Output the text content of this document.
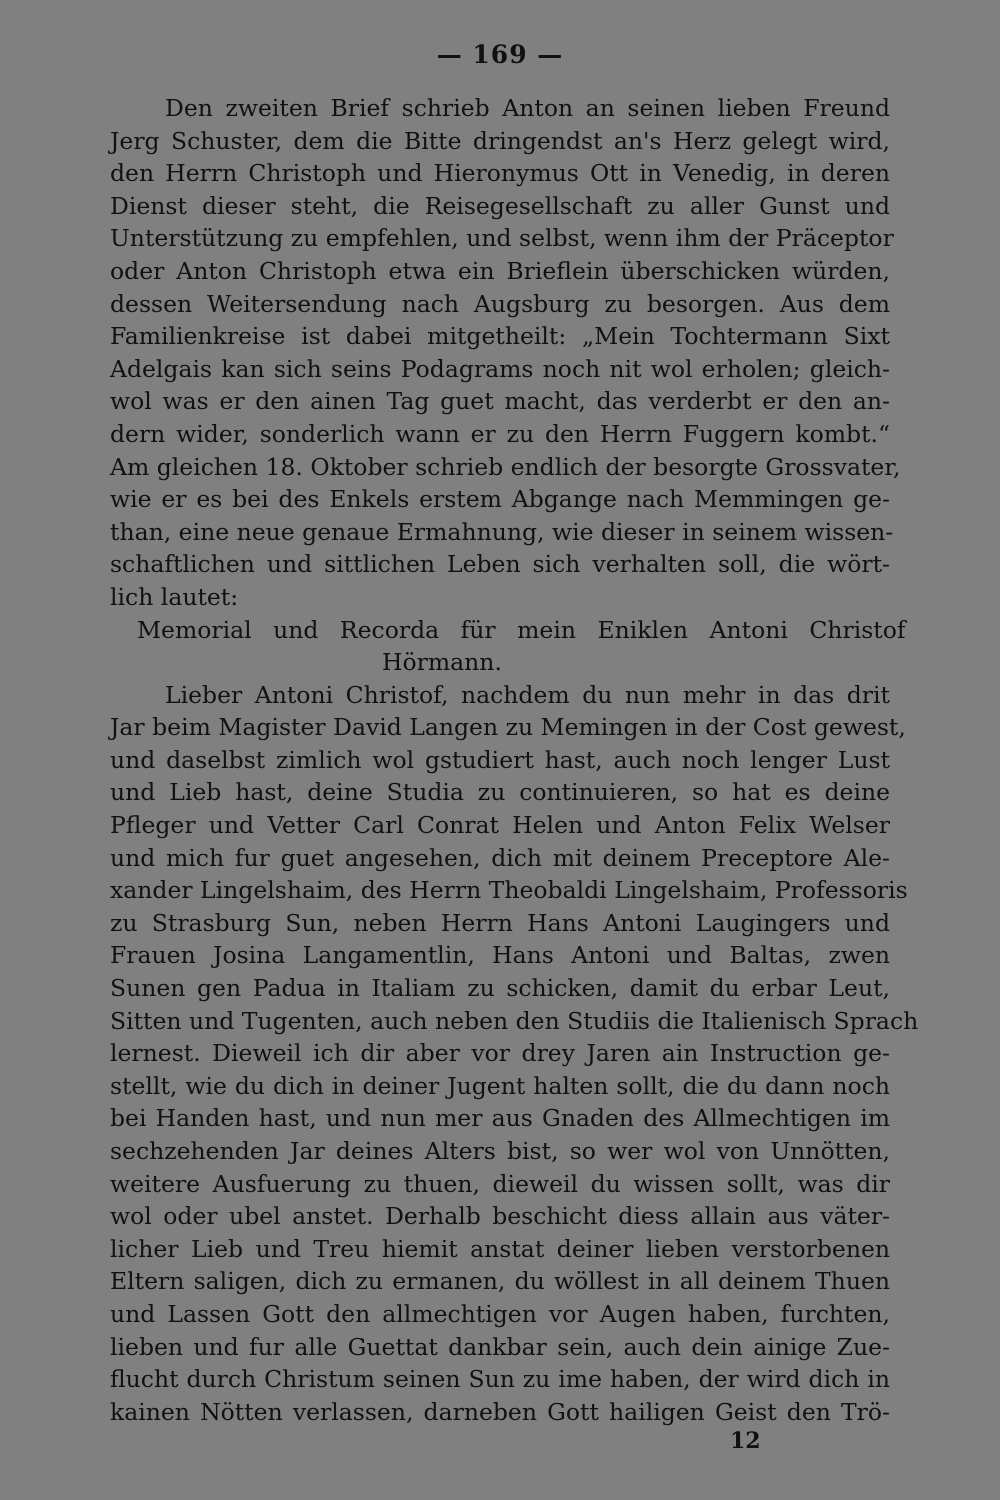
— 169 —
Den zweiten Brief schrieb Anton an seinen lieben Freund
Jerg Schuster, dem die Bitte dringendst an's Herz gelegt wird,
den Herrn Christoph und Hieronymus Ott in Venedig, in deren
Dienst dieser steht, die Reisegesellschaft zu aller Gunst und
Unterstützung zu empfehlen, und selbst, wenn ihm der Präceptor
oder Anton Christoph etwa ein Brieflein überschicken würden,
dessen Weitersendung nach Augsburg zu besorgen. Aus dem
Familienkreise ist dabei mitgetheilt: „Mein Tochtermann Sixt
Adelgais kan sich seins Podagrams noch nit wol erholen; gleich-
wol was er den ainen Tag guet macht, das verderbt er den an-
dern wider, sonderlich wann er zu den Herrn Fuggern kombt.“
Am gleichen 18. Oktober schrieb endlich der besorgte Grossvater,
wie er es bei des Enkels erstem Abgange nach Memmingen ge-
than, eine neue genaue Ermahnung, wie dieser in seinem wissen-
schaftlichen und sittlichen Leben sich verhalten soll, die wört-
lich lautet:
Memorial und Recorda für mein Eniklen Antoni Christof
Hörmann.
Lieber Antoni Christof, nachdem du nun mehr in das drit
Jar beim Magister David Langen zu Memingen in der Cost gewest,
und daselbst zimlich wol gstudiert hast, auch noch lenger Lust
und Lieb hast, deine Studia zu continuieren, so hat es deine
Pfleger und Vetter Carl Conrat Helen und Anton Felix Welser
und mich fur guet angesehen, dich mit deinem Preceptore Ale-
xander Lingelshaim, des Herrn Theobaldi Lingelshaim, Professoris
zu Strasburg Sun, neben Herrn Hans Antoni Laugingers und
Frauen Josina Langamentlin, Hans Antoni und Baltas, zwen
Sunen gen Padua in Italiam zu schicken, damit du erbar Leut,
Sitten und Tugenten, auch neben den Studiis die Italienisch Sprach
lernest. Dieweil ich dir aber vor drey Jaren ain Instruction ge-
stellt, wie du dich in deiner Jugent halten sollt, die du dann noch
bei Handen hast, und nun mer aus Gnaden des Allmechtigen im
sechzehenden Jar deines Alters bist, so wer wol von Unnötten,
weitere Ausfuerung zu thuen, dieweil du wissen sollt, was dir
wol oder ubel anstet. Derhalb beschicht diess allain aus väter-
licher Lieb und Treu hiemit anstat deiner lieben verstorbenen
Eltern saligen, dich zu ermanen, du wöllest in all deinem Thuen
und Lassen Gott den allmechtigen vor Augen haben, furchten,
lieben und fur alle Guettat dankbar sein, auch dein ainige Zue-
flucht durch Christum seinen Sun zu ime haben, der wird dich in
kainen Nötten verlassen, darneben Gott hailigen Geist den Trö-
12
